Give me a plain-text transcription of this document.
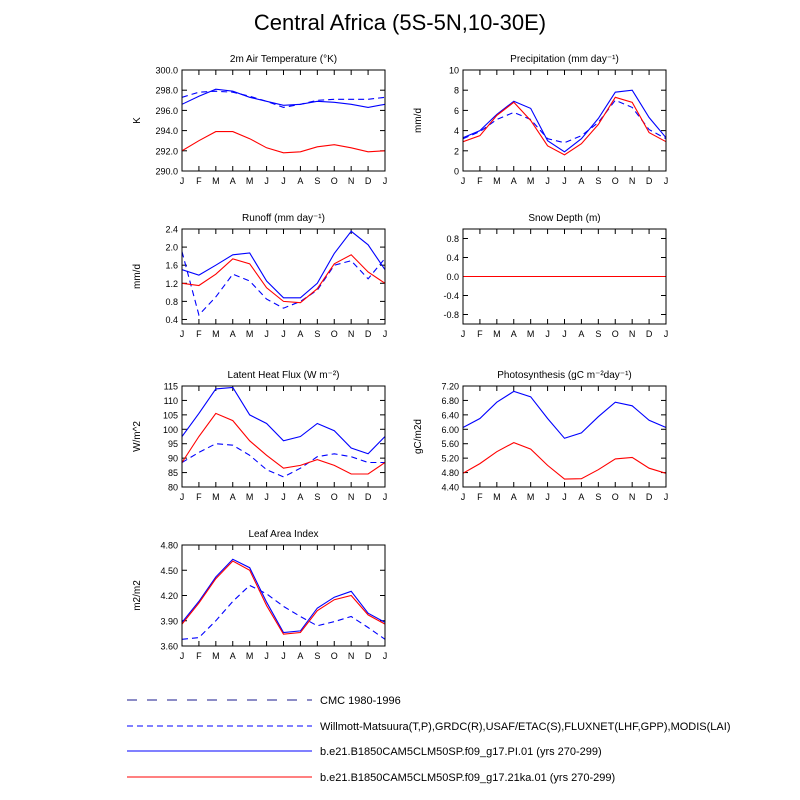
Central Africa (5S-5N,10-30E)
2m Air Temperature (°K)
K
290.0
292.0
294.0
296.0
298.0
300.0
J F M A M J J A S O N D J
Precipitation (mm day⁻¹)
mm/d
0
2
4
6
8
10
J F M A M J J A S O N D J
Runoff (mm day⁻¹)
mm/d
0.4
0.8
1.2
1.6
2.0
2.4
J F M A M J J A S O N D J
Snow Depth (m)
-0.8
-0.4
0.0
0.4
0.8
J F M A M J J A S O N D J
Latent Heat Flux (W m⁻²)
W/m^2
80
85
90
95
100
105
110
115
J F M A M J J A S O N D J
Photosynthesis (gC m⁻²day⁻¹)
gC/m2d
4.40
4.80
5.20
5.60
6.00
6.40
6.80
7.20
J F M A M J J A S O N D J
Leaf Area Index
m2/m2
3.60
3.90
4.20
4.50
4.80
J F M A M J J A S O N D J
CMC 1980-1996
Willmott-Matsuura(T,P),GRDC(R),USAF/ETAC(S),FLUXNET(LHF,GPP),MODIS(LAI)
b.e21.B1850CAM5CLM50SP.f09_g17.PI.01 (yrs 270-299)
b.e21.B1850CAM5CLM50SP.f09_g17.21ka.01 (yrs 270-299)
